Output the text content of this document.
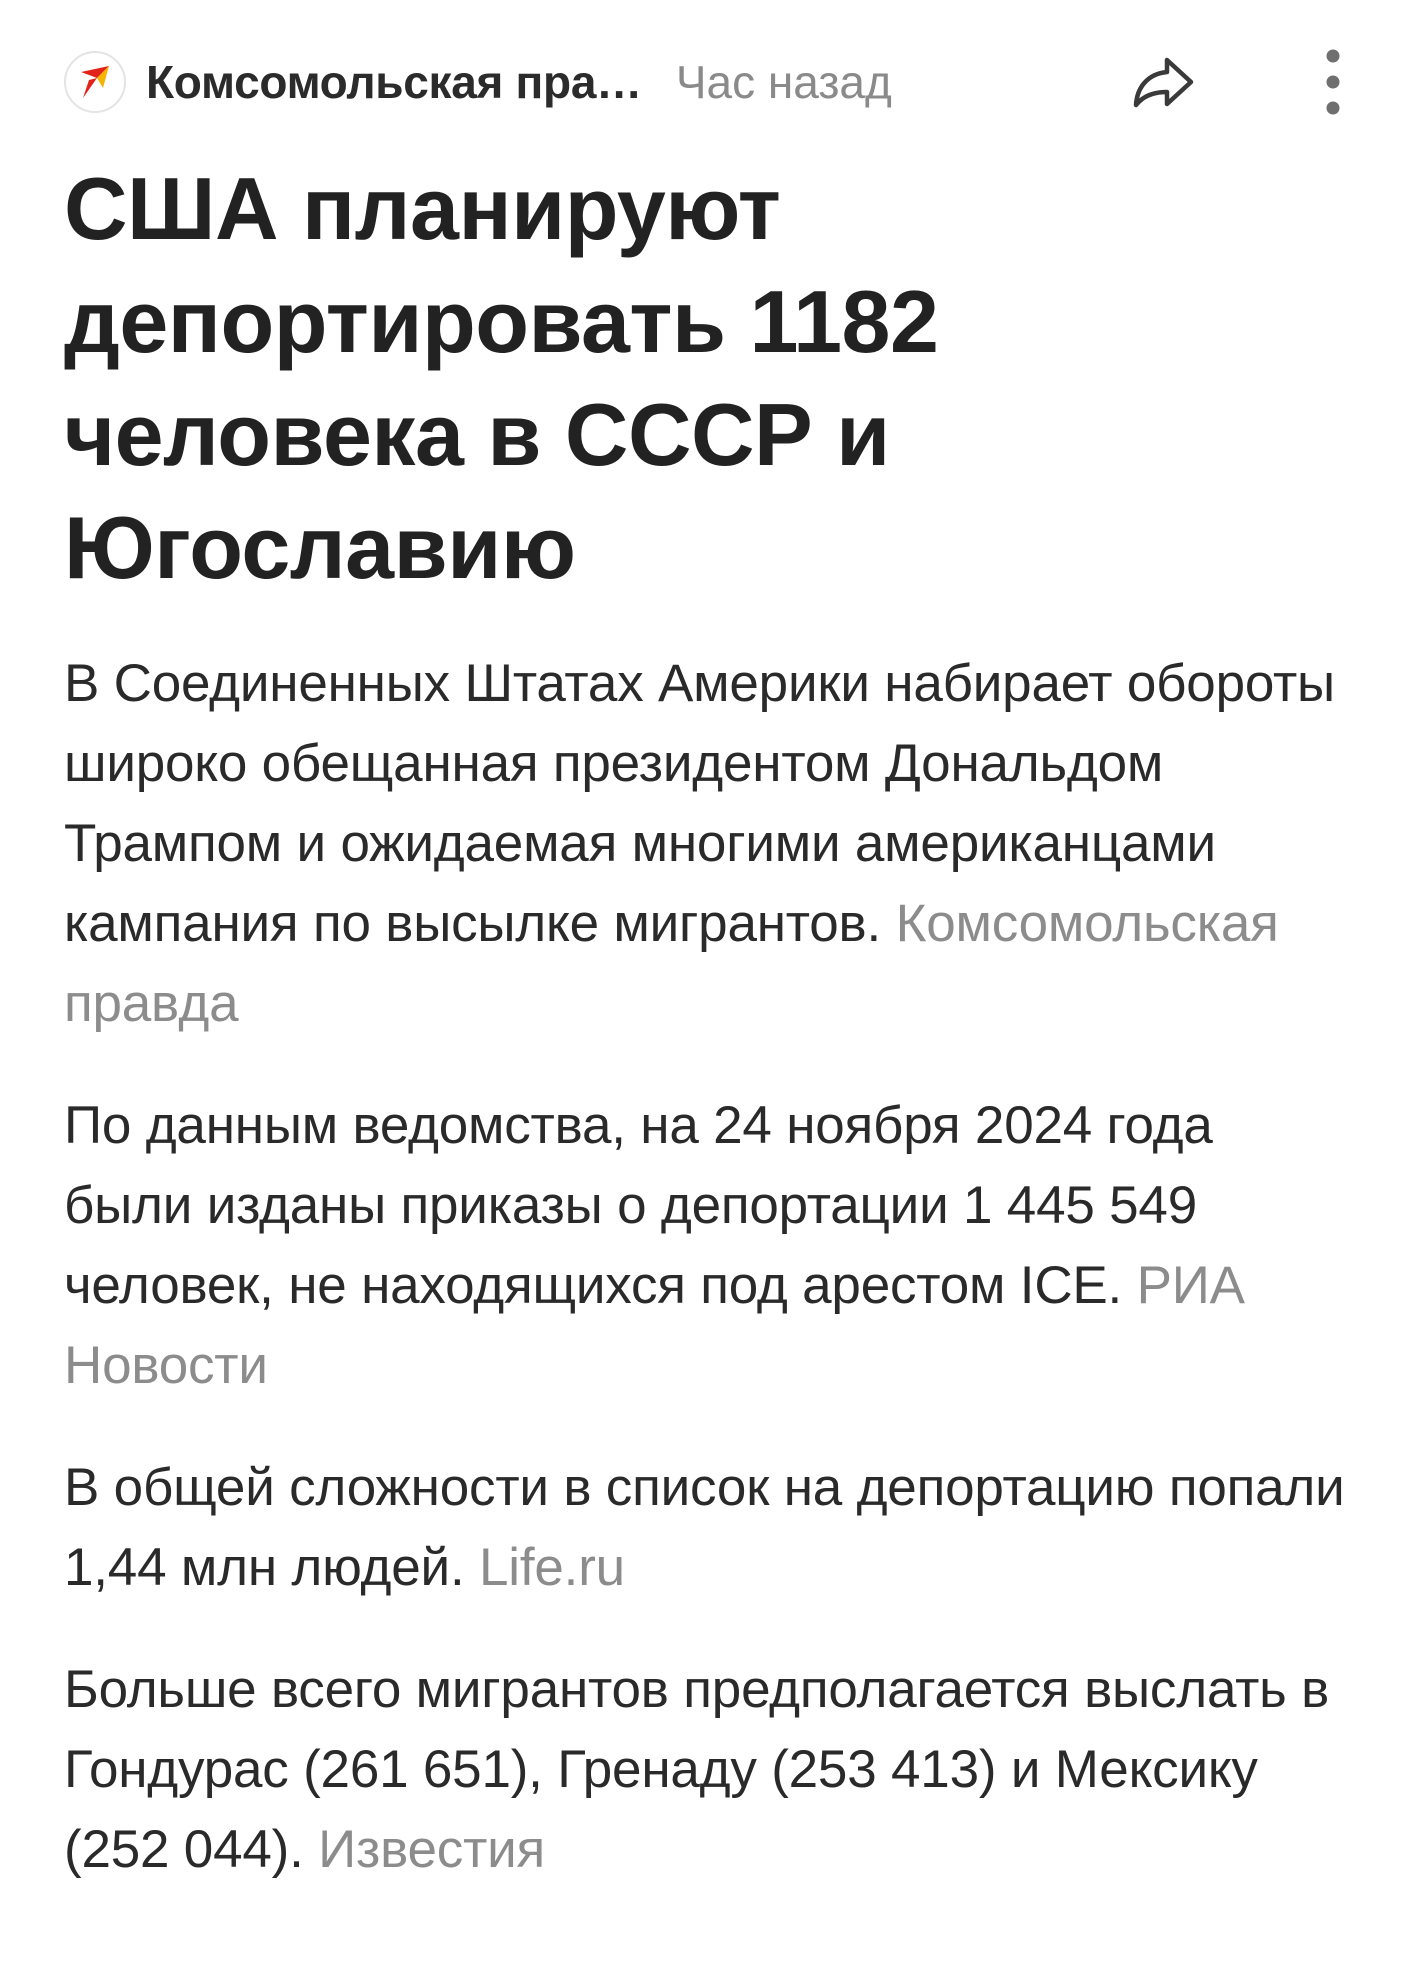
Комсомольская пра… Час назад
США планируют депортировать 1182 человека в СССР и Югославию

В Соединенных Штатах Америки набирает обороты широко обещанная президентом Дональдом Трампом и ожидаемая многими американцами кампания по высылке мигрантов. Комсомольская правда

По данным ведомства, на 24 ноября 2024 года были изданы приказы о депортации 1 445 549 человек, не находящихся под арестом ICE. РИА Новости

В общей сложности в список на депортацию попали 1,44 млн людей. Life.ru

Больше всего мигрантов предполагается выслать в Гондурас (261 651), Гренаду (253 413) и Мексику (252 044). Известия
